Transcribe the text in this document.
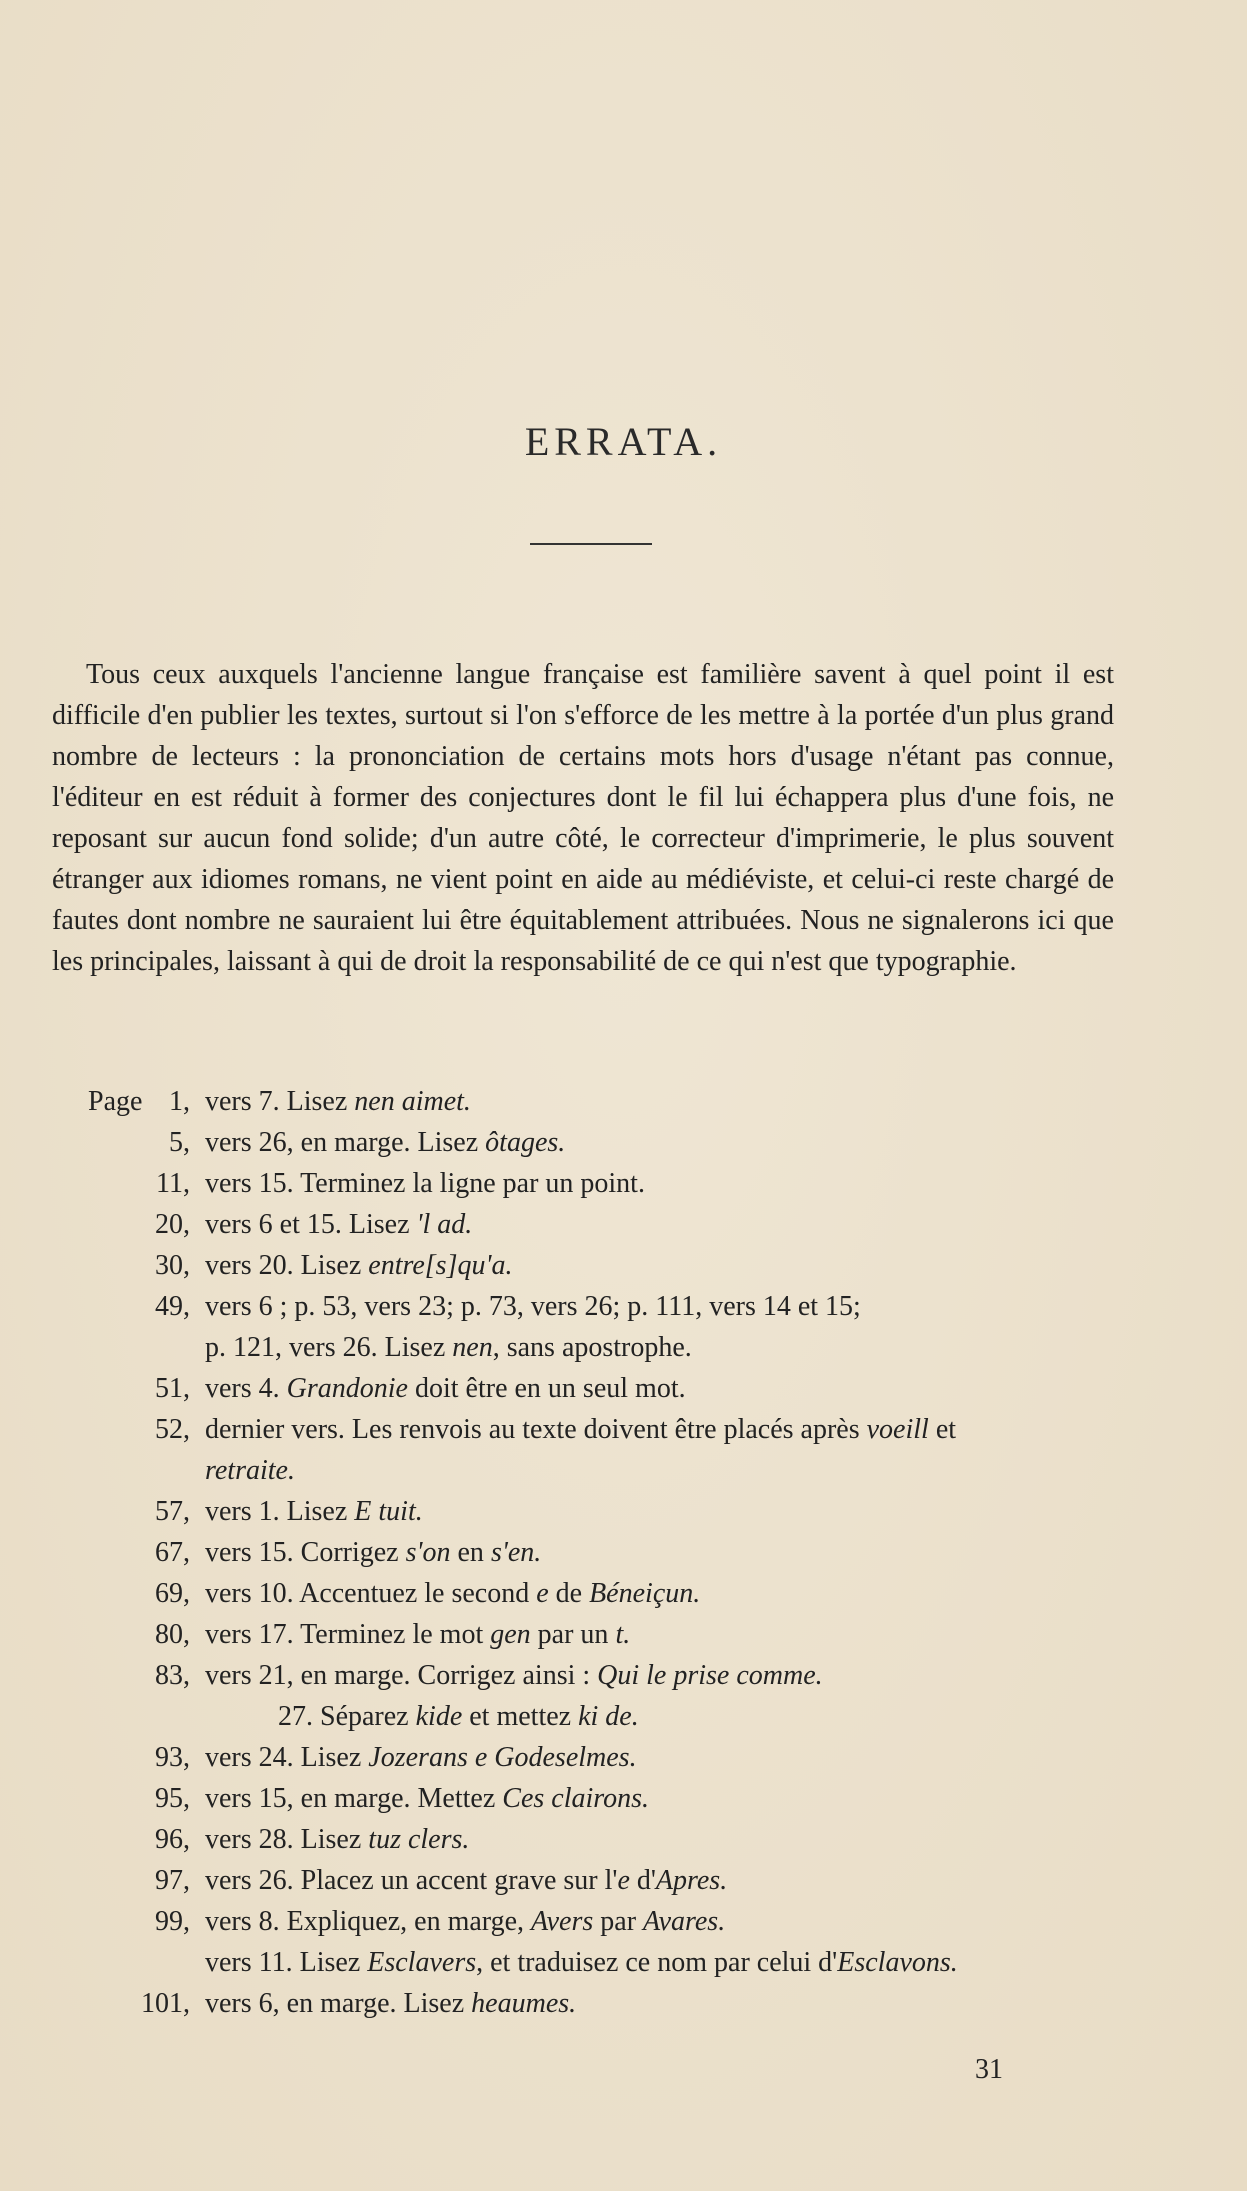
ERRATA.

Tous ceux auxquels l'ancienne langue française est familière savent à quel point il est difficile d'en publier les textes, surtout si l'on s'efforce de les mettre à la portée d'un plus grand nombre de lecteurs : la prononciation de certains mots hors d'usage n'étant pas connue, l'éditeur en est réduit à former des conjectures dont le fil lui échappera plus d'une fois, ne reposant sur aucun fond solide; d'un autre côté, le correcteur d'imprimerie, le plus souvent étranger aux idiomes romans, ne vient point en aide au médiéviste, et celui-ci reste chargé de fautes dont nombre ne sauraient lui être équitablement attribuées. Nous ne signalerons ici que les principales, laissant à qui de droit la responsabilité de ce qui n'est que typographie.

Page 1, vers 7. Lisez nen aimet.
5, vers 26, en marge. Lisez ôtages.
11, vers 15. Terminez la ligne par un point.
20, vers 6 et 15. Lisez 'l ad.
30, vers 20. Lisez entre[s]qu'a.
49, vers 6 ; p. 53, vers 23; p. 73, vers 26; p. 111, vers 14 et 15;
p. 121, vers 26. Lisez nen, sans apostrophe.
51, vers 4. Grandonie doit être en un seul mot.
52, dernier vers. Les renvois au texte doivent être placés après voeill et
retraite.
57, vers 1. Lisez E tuit.
67, vers 15. Corrigez s'on en s'en.
69, vers 10. Accentuez le second e de Béneiçun.
80, vers 17. Terminez le mot gen par un t.
83, vers 21, en marge. Corrigez ainsi : Qui le prise comme.
27. Séparez kide et mettez ki de.
93, vers 24. Lisez Jozerans e Godeselmes.
95, vers 15, en marge. Mettez Ces clairons.
96, vers 28. Lisez tuz clers.
97, vers 26. Placez un accent grave sur l'e d'Apres.
99, vers 8. Expliquez, en marge, Avers par Avares.
vers 11. Lisez Esclavers, et traduisez ce nom par celui d'Esclavons.
101, vers 6, en marge. Lisez heaumes.
31
